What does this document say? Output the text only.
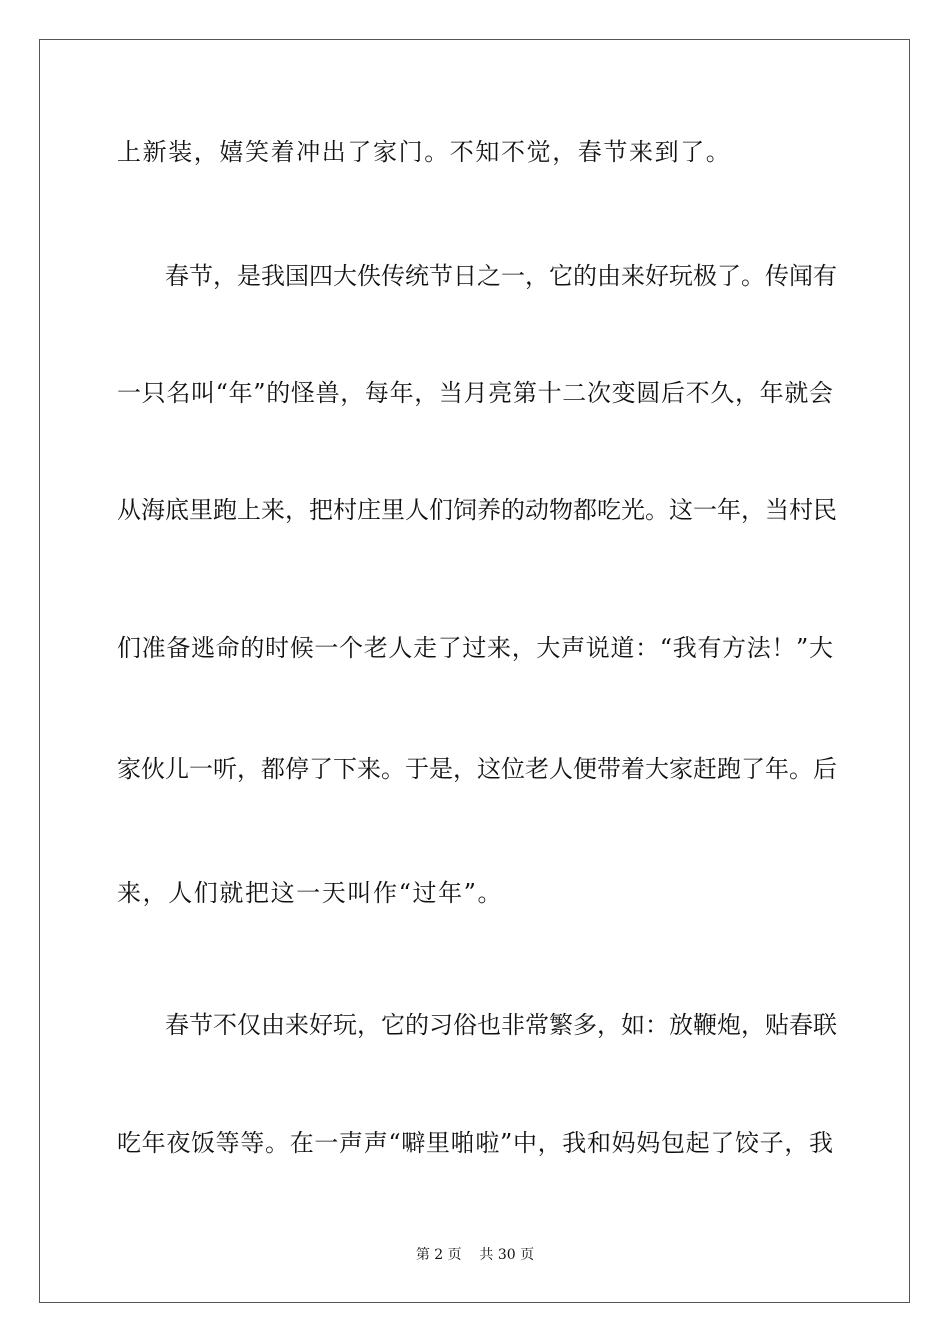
上新装，嬉笑着冲出了家门。不知不觉，春节来到了。
春节，是我国四大佚传统节日之一，它的由来好玩极了。传闻有
一只名叫“年”的怪兽，每年，当月亮第十二次变圆后不久，年就会
从海底里跑上来，把村庄里人们饲养的动物都吃光。这一年，当村民
们准备逃命的时候一个老人走了过来，大声说道：“我有方法！”大
家伙儿一听，都停了下来。于是，这位老人便带着大家赶跑了年。后
来，人们就把这一天叫作“过年”。
春节不仅由来好玩，它的习俗也非常繁多，如：放鞭炮，贴春联
吃年夜饭等等。在一声声“噼里啪啦”中，我和妈妈包起了饺子，我
第 2 页    共 30 页
